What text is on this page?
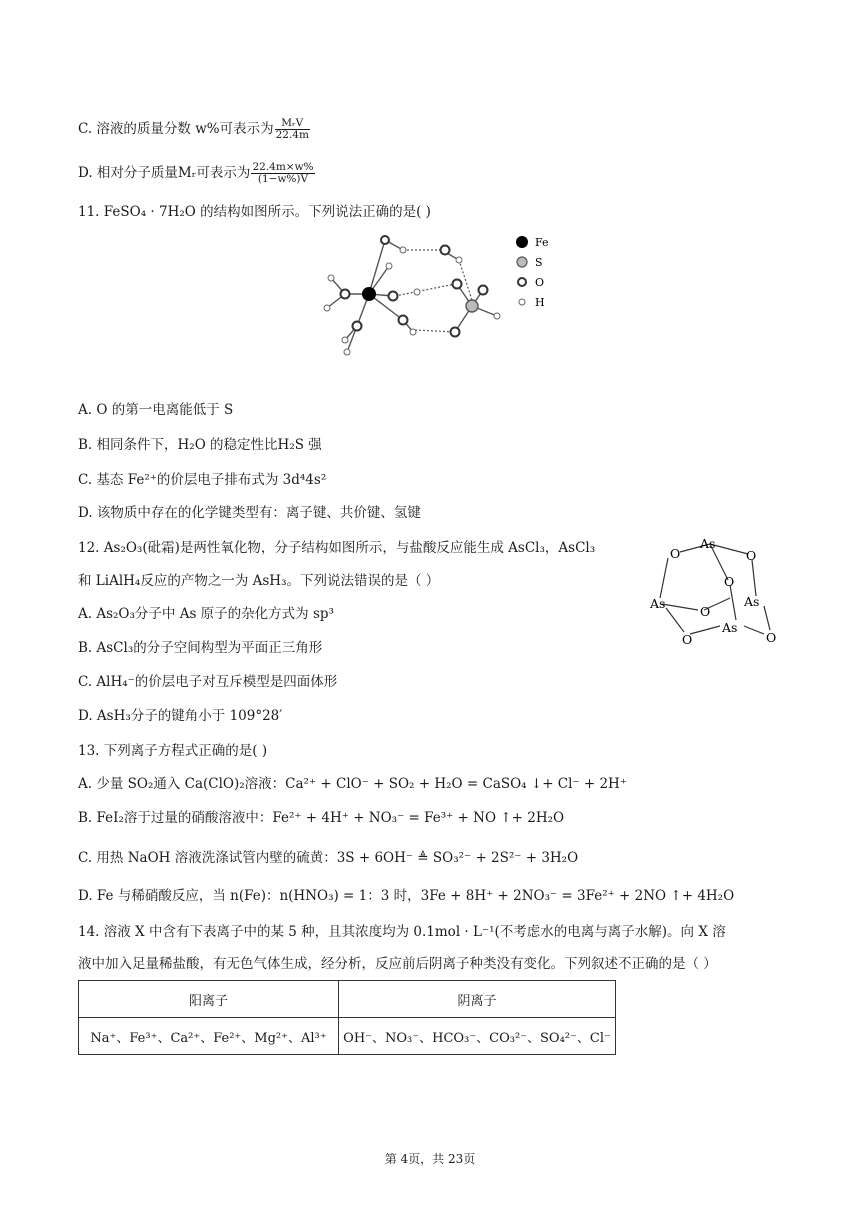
C. 溶液的质量分数 w%可表示为 $\frac{\text{MᵣV}}{22.4m}$
D. 相对分子质量Mᵣ可表示为 $\frac{22.4m\times w\%}{(1-w\%)V}$
11. FeSO₄ · 7H₂O 的结构如图所示。下列说法正确的是( )
Fe
S
O
H
A. O 的第一电离能低于 S
B. 相同条件下，H₂O 的稳定性比H₂S 强
C. 基态 Fe²⁺的价层电子排布式为 3d⁴4s²
D. 该物质中存在的化学键类型有：离子键、共价键、氢键
12. As₂O₃(砒霜)是两性氧化物，分子结构如图所示，与盐酸反应能生成 AsCl₃，AsCl₃
和 LiAlH₄反应的产物之一为 AsH₃。下列说法错误的是（ ）
As
As	As
As
O	O
O
O
O	O
A. As₂O₃分子中 As 原子的杂化方式为 sp³
B. AsCl₃的分子空间构型为平面正三角形
C. AlH₄⁻的价层电子对互斥模型是四面体形
D. AsH₃分子的键角小于 109°28′
13. 下列离子方程式正确的是( )
A. 少量 SO₂通入 Ca(ClO)₂溶液：Ca²⁺ + ClO⁻ + SO₂ + H₂O = CaSO₄ ↓+ Cl⁻ + 2H⁺
B. FeI₂溶于过量的硝酸溶液中：Fe²⁺ + 4H⁺ + NO₃⁻ = Fe³⁺ + NO ↑+ 2H₂O
C. 用热 NaOH 溶液洗涤试管内壁的硫黄：3S + 6OH⁻ ≜ SO₃²⁻ + 2S²⁻ + 3H₂O
D. Fe 与稀硝酸反应，当 n(Fe)：n(HNO₃) = 1：3 时，3Fe + 8H⁺ + 2NO₃⁻ = 3Fe²⁺ + 2NO ↑+ 4H₂O
14. 溶液 X 中含有下表离子中的某 5 种，且其浓度均为 0.1mol · L⁻¹(不考虑水的电离与离子水解)。向 X 溶
液中加入足量稀盐酸，有无色气体生成，经分析，反应前后阴离子种类没有变化。下列叙述不正确的是（ ）
阳离子	阴离子
Na⁺、Fe³⁺、Ca²⁺、Fe²⁺、Mg²⁺、Al³⁺	OH⁻、NO₃⁻、HCO₃⁻、CO₃²⁻、SO₄²⁻、Cl⁻
第 4页，共 23页
